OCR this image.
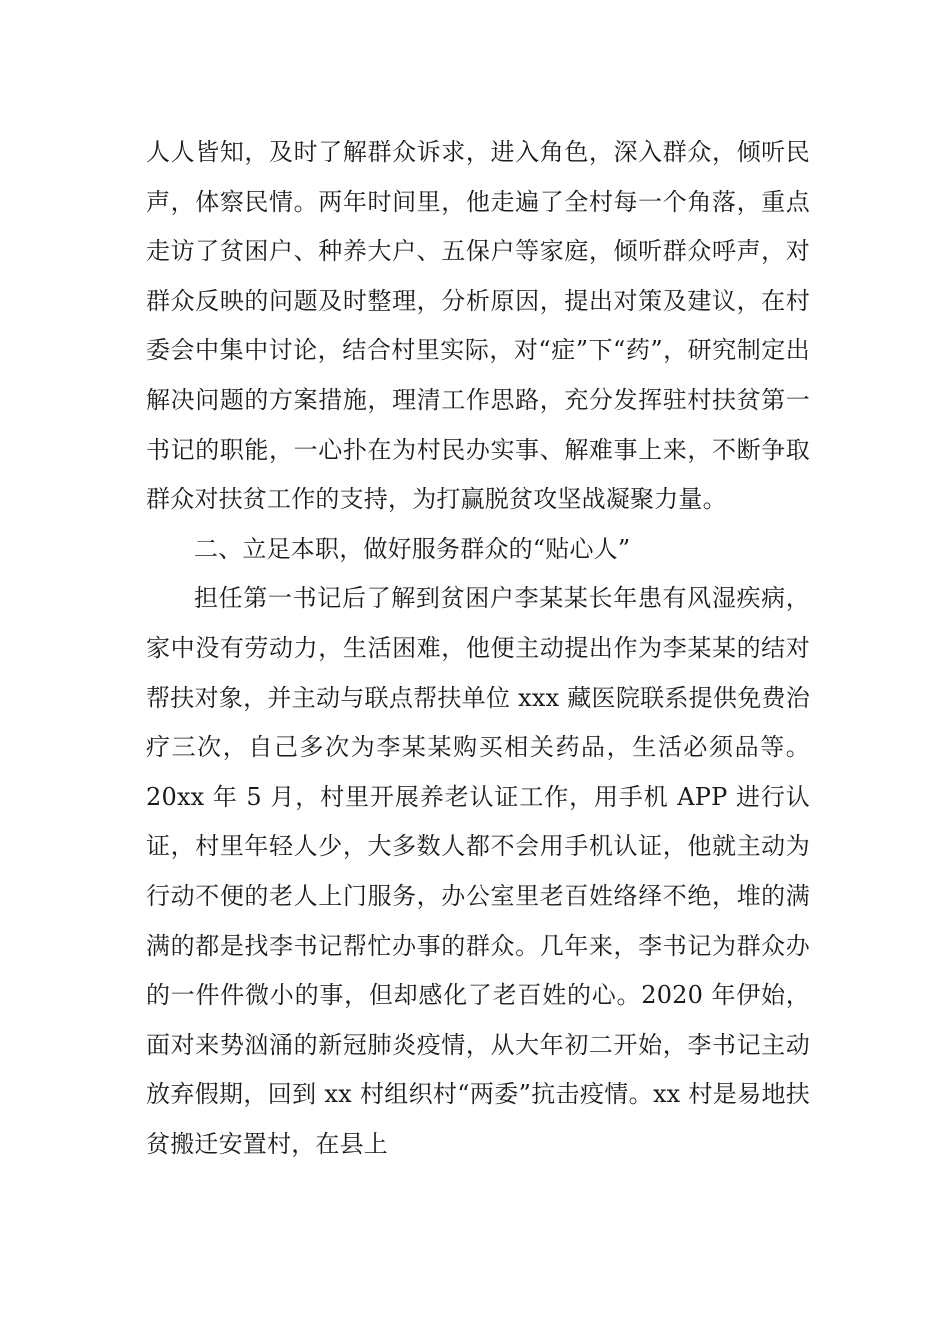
人人皆知，及时了解群众诉求，进入角色，深入群众，倾听民声，体察民情。两年时间里，他走遍了全村每一个角落，重点走访了贫困户、种养大户、五保户等家庭，倾听群众呼声，对群众反映的问题及时整理，分析原因，提出对策及建议，在村委会中集中讨论，结合村里实际，对“症”下“药”，研究制定出解决问题的方案措施，理清工作思路，充分发挥驻村扶贫第一书记的职能，一心扑在为村民办实事、解难事上来，不断争取群众对扶贫工作的支持，为打赢脱贫攻坚战凝聚力量。

二、立足本职，做好服务群众的“贴心人”

担任第一书记后了解到贫困户李某某长年患有风湿疾病，家中没有劳动力，生活困难，他便主动提出作为李某某的结对帮扶对象，并主动与联点帮扶单位 xxx 藏医院联系提供免费治疗三次，自己多次为李某某购买相关药品，生活必须品等。20xx 年 5 月，村里开展养老认证工作，用手机 APP 进行认证，村里年轻人少，大多数人都不会用手机认证，他就主动为行动不便的老人上门服务，办公室里老百姓络绎不绝，堆的满满的都是找李书记帮忙办事的群众。几年来，李书记为群众办的一件件微小的事，但却感化了老百姓的心。2020 年伊始，面对来势汹涌的新冠肺炎疫情，从大年初二开始，李书记主动放弃假期，回到 xx 村组织村“两委”抗击疫情。xx 村是易地扶贫搬迁安置村，在县上
